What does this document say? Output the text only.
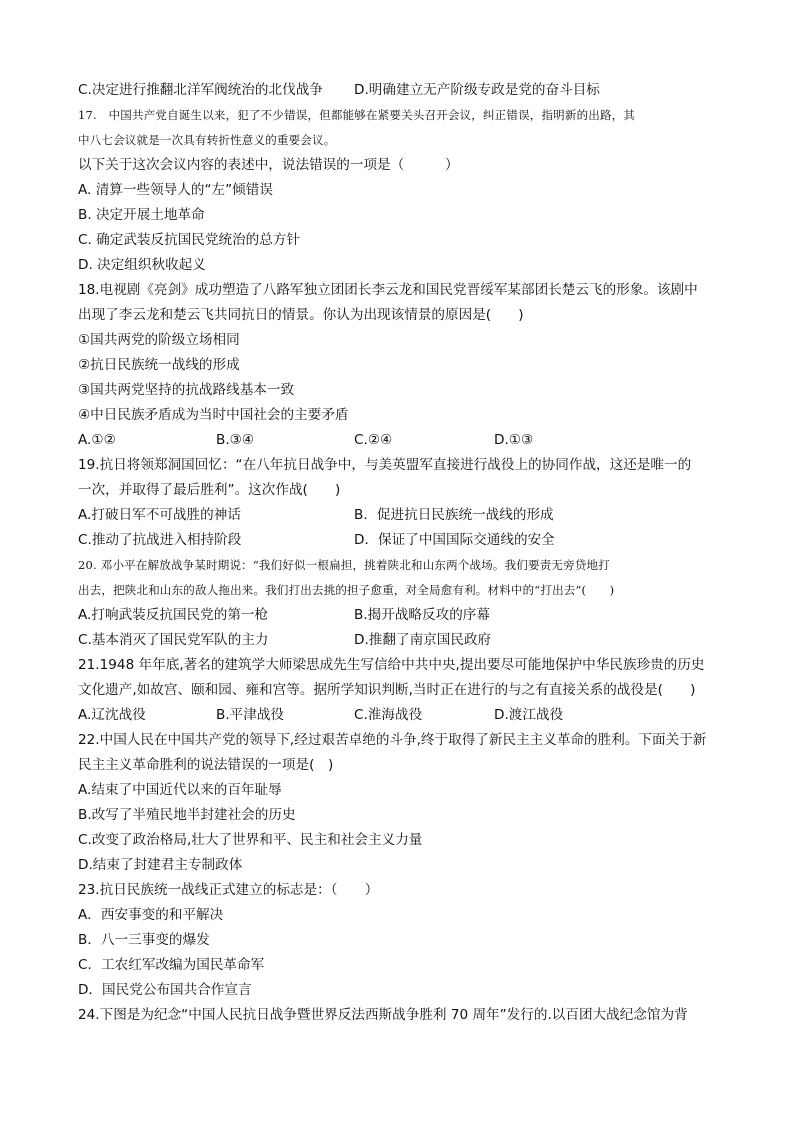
C.决定进行推翻北洋军阀统治的北伐战争 D.明确建立无产阶级专政是党的奋斗目标
17.　中国共产党自诞生以来，犯了不少错误，但都能够在紧要关头召开会议，纠正错误，指明新的出路，其
中八七会议就是一次具有转折性意义的重要会议。
以下关于这次会议内容的表述中，说法错误的一项是（　　　）
A. 清算一些领导人的“左”倾错误
B. 决定开展土地革命
C. 确定武装反抗国民党统治的总方针
D. 决定组织秋收起义
18.电视剧《亮剑》成功塑造了八路军独立团团长李云龙和国民党晋绥军某部团长楚云飞的形象。该剧中
出现了李云龙和楚云飞共同抗日的情景。你认为出现该情景的原因是(　　)
①国共两党的阶级立场相同
②抗日民族统一战线的形成
③国共两党坚持的抗战路线基本一致
④中日民族矛盾成为当时中国社会的主要矛盾
A.①②	B.③④	C.②④	D.①③
19.抗日将领郑洞国回忆：“在八年抗日战争中，与美英盟军直接进行战役上的协同作战，这还是唯一的
一次，并取得了最后胜利”。这次作战(　　)
A.打破日军不可战胜的神话	B．促进抗日民族统一战线的形成
C.推动了抗战进入相持阶段	D．保证了中国国际交通线的安全
20. 邓小平在解放战争某时期说：“我们好似一根扁担，挑着陕北和山东两个战场。我们要责无旁贷地打
出去，把陕北和山东的敌人拖出来。我们打出去挑的担子愈重，对全局愈有利。材料中的“打出去”(　　)
A.打响武装反抗国民党的第一枪	B.揭开战略反攻的序幕
C.基本消灭了国民党军队的主力	D.推翻了南京国民政府
21.1948 年年底,著名的建筑学大师梁思成先生写信给中共中央,提出要尽可能地保护中华民族珍贵的历史
文化遗产,如故宫、颐和园、雍和宫等。据所学知识判断,当时正在进行的与之有直接关系的战役是(　　)
A.辽沈战役	B.平津战役	C.淮海战役	D.渡江战役
22.中国人民在中国共产党的领导下,经过艰苦卓绝的斗争,终于取得了新民主主义革命的胜利。下面关于新
民主主义革命胜利的说法错误的一项是(　)
A.结束了中国近代以来的百年耻辱
B.改写了半殖民地半封建社会的历史
C.改变了政治格局,壮大了世界和平、民主和社会主义力量
D.结束了封建君主专制政体
23.抗日民族统一战线正式建立的标志是：（　　）
A．西安事变的和平解决
B．八一三事变的爆发
C．工农红军改编为国民革命军
D．国民党公布国共合作宣言
24.下图是为纪念“中国人民抗日战争暨世界反法西斯战争胜利 70 周年”发行的.以百团大战纪念馆为背
